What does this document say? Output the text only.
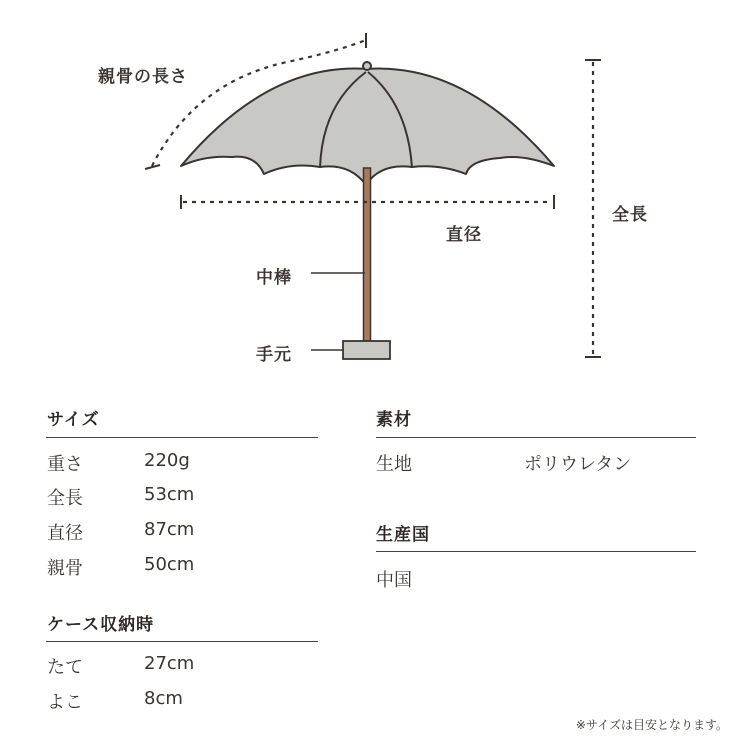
親骨の長さ
直径
全長
中棒
手元
サイズ
重さ	220g
全長	53cm
直径	87cm
親骨	50cm
ケース収納時
たて	27cm
よこ	8cm
素材
生地	ポリウレタン
生産国
中国
※サイズは目安となります。
